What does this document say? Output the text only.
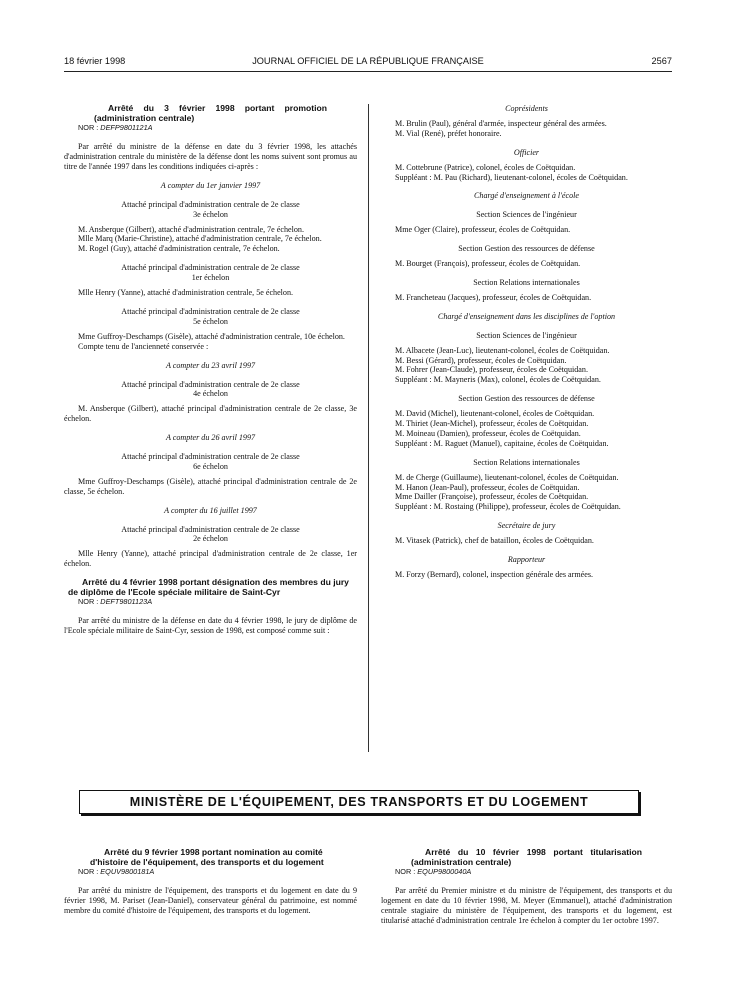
18 février 1998	JOURNAL OFFICIEL DE LA RÉPUBLIQUE FRANÇAISE	2567

Arrêté du 3 février 1998 portant promotion (administration centrale)

NOR : DEFP9801121A

Par arrêté du ministre de la défense en date du 3 février 1998, les attachés d'administration centrale du ministère de la défense dont les noms suivent sont promus au titre de l'année 1997 dans les conditions indiquées ci-après :

A compter du 1er janvier 1997

Attaché principal d'administration centrale de 2e classe

3e échelon

M. Ansberque (Gilbert), attaché d'administration centrale, 7e échelon.

Mlle Marq (Marie-Christine), attaché d'administration centrale, 7e échelon.

M. Rogel (Guy), attaché d'administration centrale, 7e échelon.

Attaché principal d'administration centrale de 2e classe

1er échelon

Mlle Henry (Yanne), attaché d'administration centrale, 5e échelon.

Attaché principal d'administration centrale de 2e classe

5e échelon

Mme Guffroy-Deschamps (Gisèle), attaché d'administration centrale, 10e échelon.

Compte tenu de l'ancienneté conservée :

A compter du 23 avril 1997

Attaché principal d'administration centrale de 2e classe

4e échelon

M. Ansberque (Gilbert), attaché principal d'administration centrale de 2e classe, 3e échelon.

A compter du 26 avril 1997

Attaché principal d'administration centrale de 2e classe

6e échelon

Mme Guffroy-Deschamps (Gisèle), attaché principal d'administration centrale de 2e classe, 5e échelon.

A compter du 16 juillet 1997

Attaché principal d'administration centrale de 2e classe

2e échelon

Mlle Henry (Yanne), attaché principal d'administration centrale de 2e classe, 1er échelon.

Arrêté du 4 février 1998 portant désignation des membres du jury de diplôme de l'Ecole spéciale militaire de Saint-Cyr

NOR : DEFT9801123A

Par arrêté du ministre de la défense en date du 4 février 1998, le jury de diplôme de l'Ecole spéciale militaire de Saint-Cyr, session de 1998, est composé comme suit :

Coprésidents

M. Brulin (Paul), général d'armée, inspecteur général des armées.

M. Vial (René), préfet honoraire.

Officier

M. Cottebrune (Patrice), colonel, écoles de Coëtquidan.

Suppléant : M. Pau (Richard), lieutenant-colonel, écoles de Coëtquidan.

Chargé d'enseignement à l'école

Section Sciences de l'ingénieur

Mme Oger (Claire), professeur, écoles de Coëtquidan.

Section Gestion des ressources de défense

M. Bourget (François), professeur, écoles de Coëtquidan.

Section Relations internationales

M. Francheteau (Jacques), professeur, écoles de Coëtquidan.

Chargé d'enseignement dans les disciplines de l'option

Section Sciences de l'ingénieur

M. Albacete (Jean-Luc), lieutenant-colonel, écoles de Coëtquidan.

M. Bessi (Gérard), professeur, écoles de Coëtquidan.

M. Fohrer (Jean-Claude), professeur, écoles de Coëtquidan.

Suppléant : M. Mayneris (Max), colonel, écoles de Coëtquidan.

Section Gestion des ressources de défense

M. David (Michel), lieutenant-colonel, écoles de Coëtquidan.

M. Thiriet (Jean-Michel), professeur, écoles de Coëtquidan.

M. Moineau (Damien), professeur, écoles de Coëtquidan.

Suppléant : M. Raguet (Manuel), capitaine, écoles de Coëtquidan.

Section Relations internationales

M. de Cherge (Guillaume), lieutenant-colonel, écoles de Coëtquidan.

M. Hanon (Jean-Paul), professeur, écoles de Coëtquidan.

Mme Dailler (Françoise), professeur, écoles de Coëtquidan.

Suppléant : M. Rostaing (Philippe), professeur, écoles de Coëtquidan.

Secrétaire de jury

M. Vitasek (Patrick), chef de bataillon, écoles de Coëtquidan.

Rapporteur

M. Forzy (Bernard), colonel, inspection générale des armées.

MINISTÈRE DE L'ÉQUIPEMENT, DES TRANSPORTS ET DU LOGEMENT

Arrêté du 9 février 1998 portant nomination au comité d'histoire de l'équipement, des transports et du logement

NOR : EQUV9800181A

Par arrêté du ministre de l'équipement, des transports et du logement en date du 9 février 1998, M. Pariset (Jean-Daniel), conservateur général du patrimoine, est nommé membre du comité d'histoire de l'équipement, des transports et du logement.

Arrêté du 10 février 1998 portant titularisation (administration centrale)

NOR : EQUP9800040A

Par arrêté du Premier ministre et du ministre de l'équipement, des transports et du logement en date du 10 février 1998, M. Meyer (Emmanuel), attaché d'administration centrale stagiaire du ministère de l'équipement, des transports et du logement, est titularisé attaché d'administration centrale 1re échelon à compter du 1er octobre 1997.
